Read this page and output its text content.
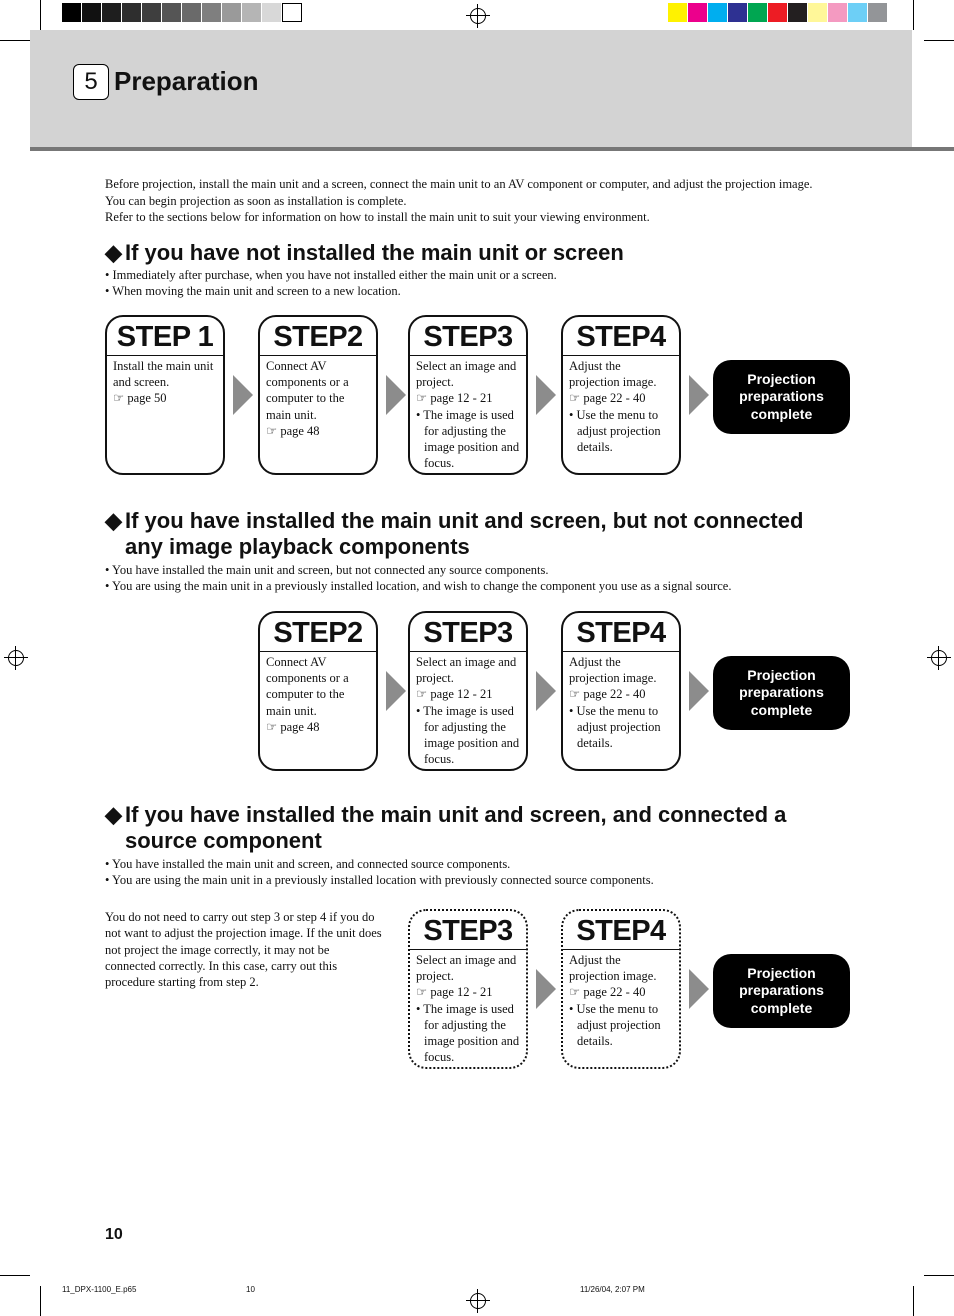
5 Preparation

Before projection, install the main unit and a screen, connect the main unit to an AV component or computer, and adjust the projection image.

You can begin projection as soon as installation is complete.

Refer to the sections below for information on how to install the main unit to suit your viewing environment.

◆ If you have not installed the main unit or screen
• Immediately after purchase, when you have not installed either the main unit or a screen.
• When moving the main unit and screen to a new location.
STEP 1
Install the main unit
and screen.
☞ page 50
STEP2
Connect AV
components or a
computer to the
main unit.
☞ page 48
STEP3
Select an image and
project.
☞ page 12 - 21
• The image is used for adjusting the image position and focus.
STEP4
Adjust the
projection image.
☞ page 22 - 40
• Use the menu to adjust projection details.
Projection
preparations
complete
◆ If you have installed the main unit and screen, but not connected
any image playback components
• You have installed the main unit and screen, but not connected any source components.
• You are using the main unit in a previously installed location, and wish to change the component you use as a signal source.
STEP2
Connect AV
components or a
computer to the
main unit.
☞ page 48
STEP3
Select an image and
project.
☞ page 12 - 21
• The image is used for adjusting the image position and focus.
STEP4
Adjust the
projection image.
☞ page 22 - 40
• Use the menu to adjust projection details.
Projection
preparations
complete
◆ If you have installed the main unit and screen, and connected a
source component
• You have installed the main unit and screen, and connected source components.
• You are using the main unit in a previously installed location with previously connected source components.
You do not need to carry out step 3 or step 4 if you do not want to adjust the projection image. If the unit does not project the image correctly, it may not be connected correctly. In this case, carry out this procedure starting from step 2.
STEP3
Select an image and
project.
☞ page 12 - 21
• The image is used for adjusting the image position and focus.
STEP4
Adjust the
projection image.
☞ page 22 - 40
• Use the menu to adjust projection details.
Projection
preparations
complete
10
11_DPX-1100_E.p65	10	11/26/04, 2:07 PM
